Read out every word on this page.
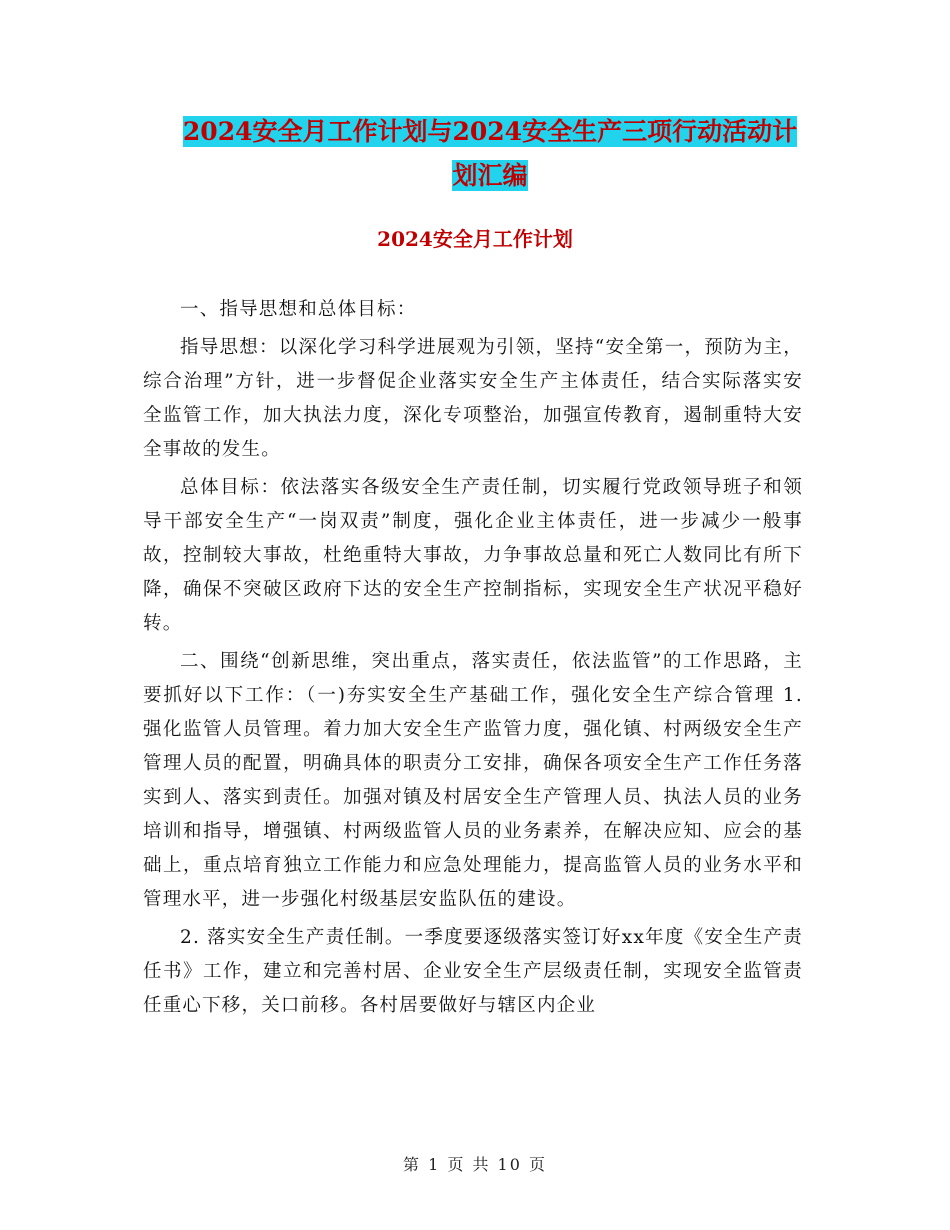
2024安全月工作计划与2024安全生产三项行动活动计
划汇编
2024安全月工作计划

一、指导思想和总体目标：

指导思想：以深化学习科学进展观为引领，坚持“安全第一，预防为主，综合治理”方针，进一步督促企业落实安全生产主体责任，结合实际落实安全监管工作，加大执法力度，深化专项整治，加强宣传教育，遏制重特大安全事故的发生。

总体目标：依法落实各级安全生产责任制，切实履行党政领导班子和领导干部安全生产“一岗双责”制度，强化企业主体责任，进一步减少一般事故，控制较大事故，杜绝重特大事故，力争事故总量和死亡人数同比有所下降，确保不突破区政府下达的安全生产控制指标，实现安全生产状况平稳好转。

二、围绕“创新思维，突出重点，落实责任，依法监管”的工作思路，主要抓好以下工作：（一)夯实安全生产基础工作，强化安全生产综合管理 1. 强化监管人员管理。着力加大安全生产监管力度，强化镇、村两级安全生产管理人员的配置，明确具体的职责分工安排，确保各项安全生产工作任务落实到人、落实到责任。加强对镇及村居安全生产管理人员、执法人员的业务培训和指导，增强镇、村两级监管人员的业务素养，在解决应知、应会的基础上，重点培育独立工作能力和应急处理能力，提高监管人员的业务水平和管理水平，进一步强化村级基层安监队伍的建设。

2. 落实安全生产责任制。一季度要逐级落实签订好xx年度《安全生产责任书》工作，建立和完善村居、企业安全生产层级责任制，实现安全监管责任重心下移，关口前移。各村居要做好与辖区内企业

第 1 页 共 10 页
